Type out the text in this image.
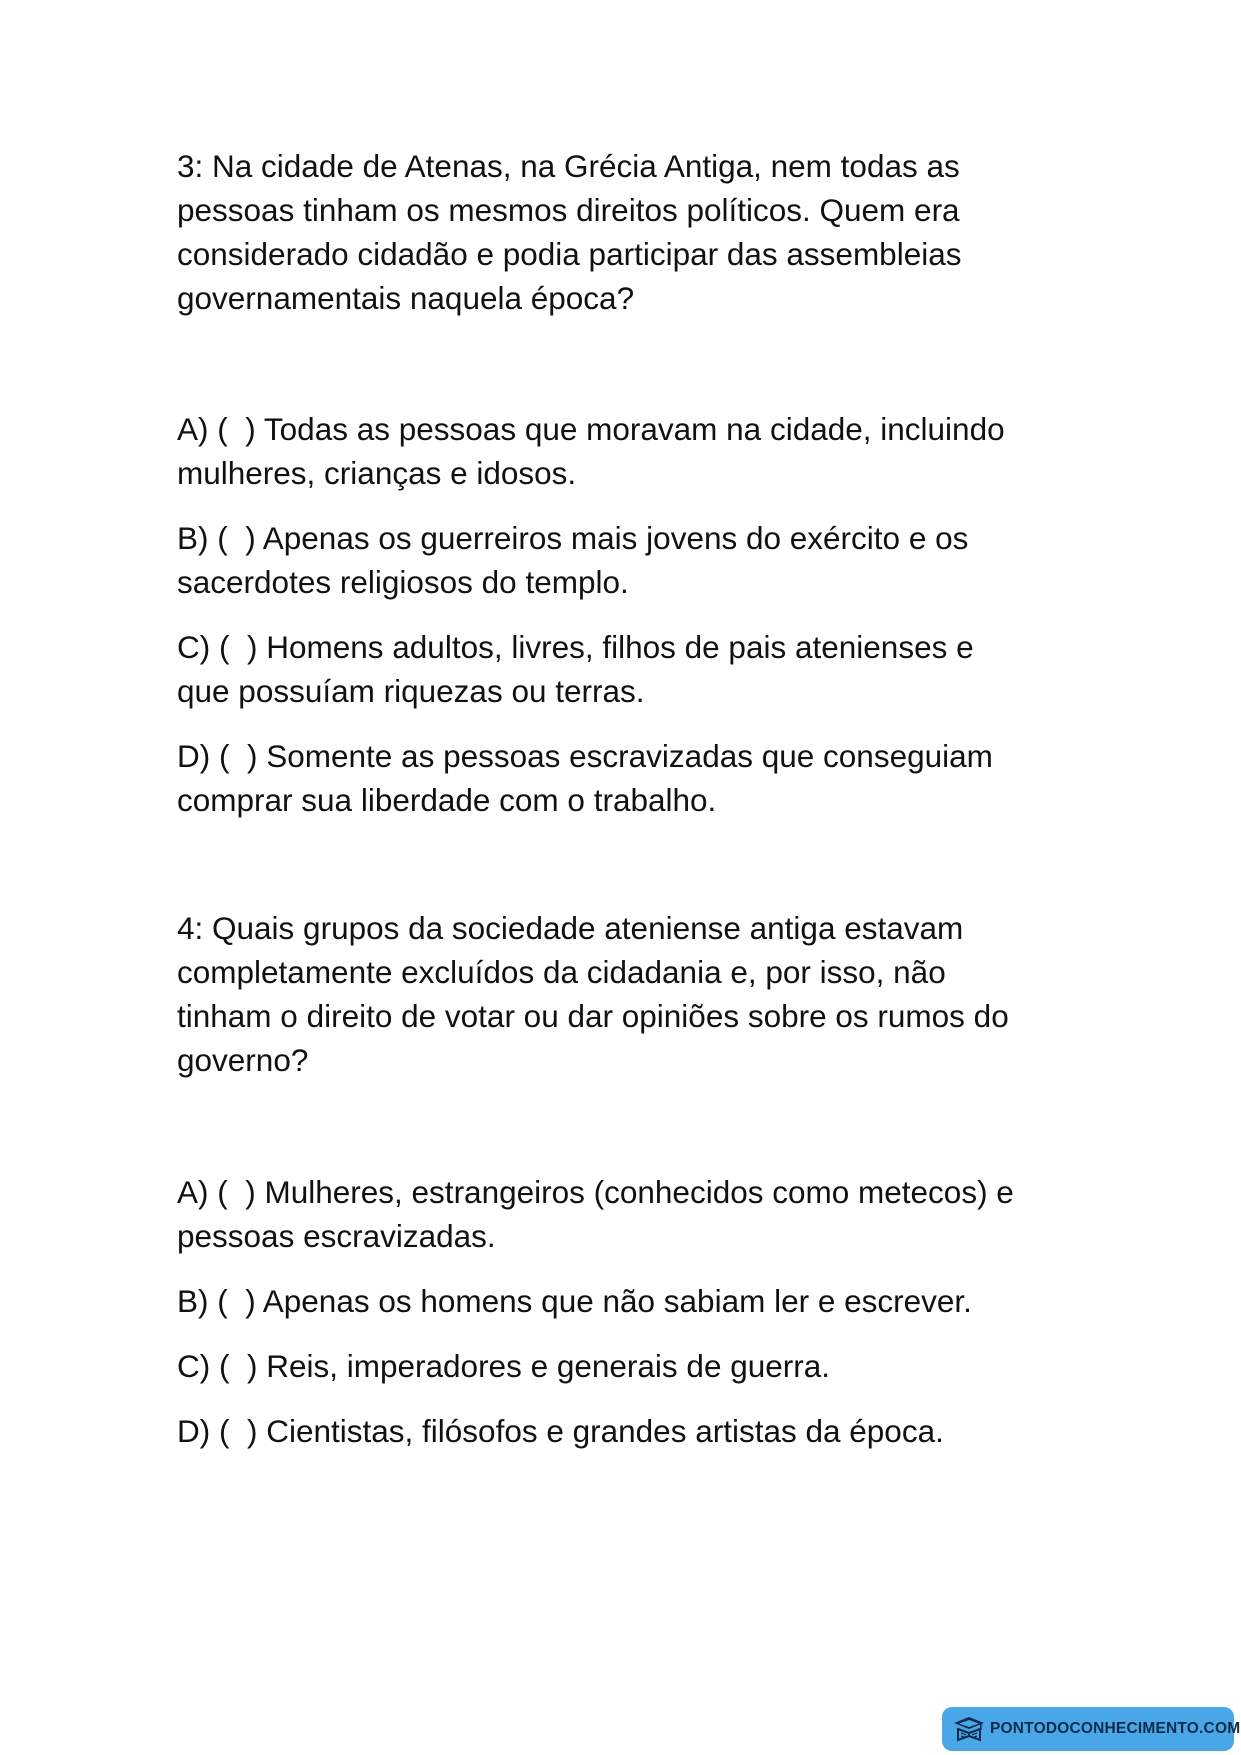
3: Na cidade de Atenas, na Grécia Antiga, nem todas as
pessoas tinham os mesmos direitos políticos. Quem era
considerado cidadão e podia participar das assembleias
governamentais naquela época?
A) (  ) Todas as pessoas que moravam na cidade, incluindo
mulheres, crianças e idosos.
B) (  ) Apenas os guerreiros mais jovens do exército e os
sacerdotes religiosos do templo.
C) (  ) Homens adultos, livres, filhos de pais atenienses e
que possuíam riquezas ou terras.
D) (  ) Somente as pessoas escravizadas que conseguiam
comprar sua liberdade com o trabalho.
4: Quais grupos da sociedade ateniense antiga estavam
completamente excluídos da cidadania e, por isso, não
tinham o direito de votar ou dar opiniões sobre os rumos do
governo?
A) (  ) Mulheres, estrangeiros (conhecidos como metecos) e
pessoas escravizadas.
B) (  ) Apenas os homens que não sabiam ler e escrever.
C) (  ) Reis, imperadores e generais de guerra.
D) (  ) Cientistas, filósofos e grandes artistas da época.
PONTODOCONHECIMENTO.COM
